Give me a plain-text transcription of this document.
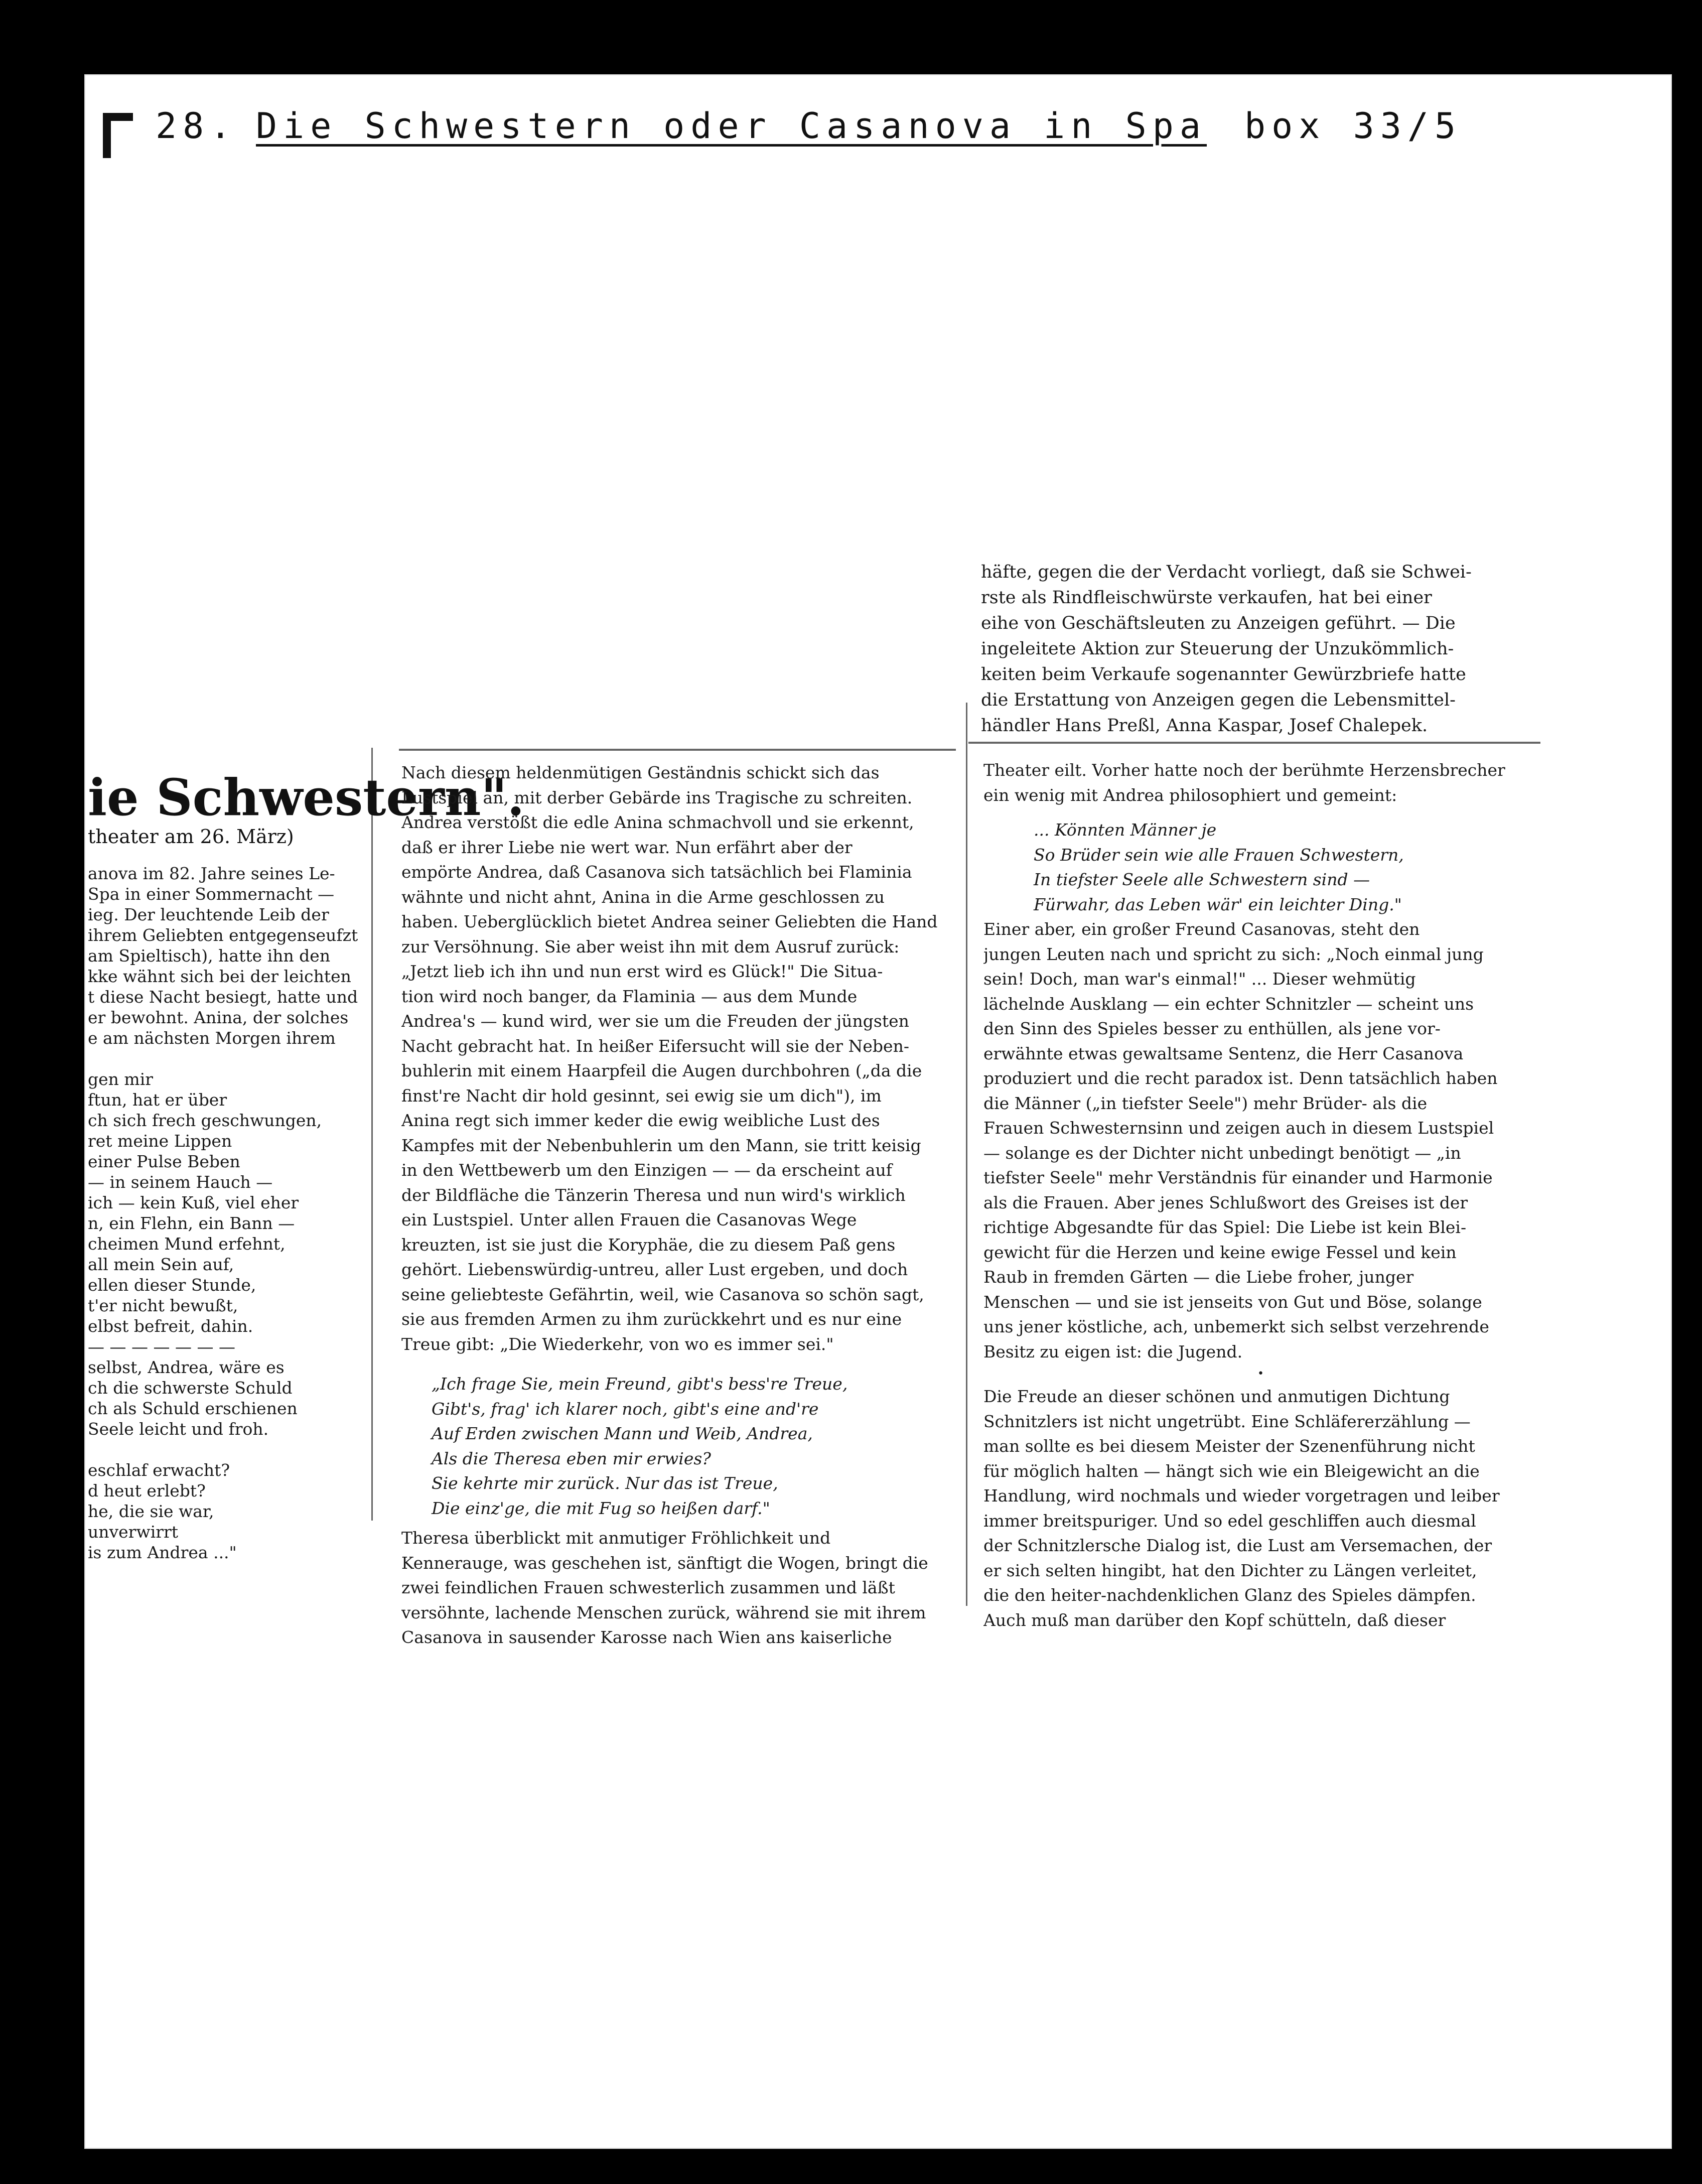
28. Die Schwestern oder Casanova in Spa box 33/5
häfte, gegen die der Verdacht vorliegt, daß sie Schwei-
rste als Rindfleischwürste verkaufen, hat bei einer
eihe von Geschäftsleuten zu Anzeigen geführt. — Die
ingeleitete Aktion zur Steuerung der Unzukömmlich-
keiten beim Verkaufe sogenannter Gewürzbriefe hatte
die Erstattung von Anzeigen gegen die Lebensmittel-
händler Hans Preßl, Anna Kaspar, Josef Chalepek.
ie Schwestern".
theater am 26. März)
anova im 82. Jahre seines Le-
Spa in einer Sommernacht —
ieg. Der leuchtende Leib der
ihrem Geliebten entgegenseufzt
am Spieltisch), hatte ihn den
kke wähnt sich bei der leichten
t diese Nacht besiegt, hatte und
er bewohnt. Anina, der solches
e am nächsten Morgen ihrem

gen mir
ftun, hat er über
ch sich frech geschwungen,
ret meine Lippen
einer Pulse Beben
— in seinem Hauch —
ich — kein Kuß, viel eher
n, ein Flehn, ein Bann —
cheimen Mund erfehnt,
all mein Sein auf,
ellen dieser Stunde,
t'er nicht bewußt,
elbst befreit, dahin.
— — — — — — —
selbst, Andrea, wäre es
ch die schwerste Schuld
ch als Schuld erschienen
Seele leicht und froh.

eschlaf erwacht?
d heut erlebt?
he, die sie war,
unverwirrt
is zum Andrea ..."
Nach diesem heldenmütigen Geständnis schickt sich das
Lustspiel an, mit derber Gebärde ins Tragische zu schreiten.
Andrea verstößt die edle Anina schmachvoll und sie erkennt,
daß er ihrer Liebe nie wert war. Nun erfährt aber der
empörte Andrea, daß Casanova sich tatsächlich bei Flaminia
wähnte und nicht ahnt, Anina in die Arme geschlossen zu
haben. Ueberglücklich bietet Andrea seiner Geliebten die Hand
zur Versöhnung. Sie aber weist ihn mit dem Ausruf zurück:
„Jetzt lieb ich ihn und nun erst wird es Glück!" Die Situa-
tion wird noch banger, da Flaminia — aus dem Munde
Andrea's — kund wird, wer sie um die Freuden der jüngsten
Nacht gebracht hat. In heißer Eifersucht will sie der Neben-
buhlerin mit einem Haarpfeil die Augen durchbohren („da die
finst're Nacht dir hold gesinnt, sei ewig sie um dich"), im
Anina regt sich immer keder die ewig weibliche Lust des
Kampfes mit der Nebenbuhlerin um den Mann, sie tritt keisig
in den Wettbewerb um den Einzigen — — da erscheint auf
der Bildfläche die Tänzerin Theresa und nun wird's wirklich
ein Lustspiel. Unter allen Frauen die Casanovas Wege
kreuzten, ist sie just die Koryphäe, die zu diesem Paß gens
gehört. Liebenswürdig-untreu, aller Lust ergeben, und doch
seine geliebteste Gefährtin, weil, wie Casanova so schön sagt,
sie aus fremden Armen zu ihm zurückkehrt und es nur eine
Treue gibt: „Die Wiederkehr, von wo es immer sei."
„Ich frage Sie, mein Freund, gibt's bess're Treue,
Gibt's, frag' ich klarer noch, gibt's eine and're
Auf Erden zwischen Mann und Weib, Andrea,
Als die Theresa eben mir erwies?
Sie kehrte mir zurück. Nur das ist Treue,
Die einz'ge, die mit Fug so heißen darf."
Theresa überblickt mit anmutiger Fröhlichkeit und
Kennerauge, was geschehen ist, sänftigt die Wogen, bringt die
zwei feindlichen Frauen schwesterlich zusammen und läßt
versöhnte, lachende Menschen zurück, während sie mit ihrem
Casanova in sausender Karosse nach Wien ans kaiserliche
Theater eilt. Vorher hatte noch der berühmte Herzensbrecher
ein wenig mit Andrea philosophiert und gemeint:
... Könnten Männer je
So Brüder sein wie alle Frauen Schwestern,
In tiefster Seele alle Schwestern sind —
Fürwahr, das Leben wär' ein leichter Ding."
Einer aber, ein großer Freund Casanovas, steht den
jungen Leuten nach und spricht zu sich: „Noch einmal jung
sein! Doch, man war's einmal!" ... Dieser wehmütig
lächelnde Ausklang — ein echter Schnitzler — scheint uns
den Sinn des Spieles besser zu enthüllen, als jene vor-
erwähnte etwas gewaltsame Sentenz, die Herr Casanova
produziert und die recht paradox ist. Denn tatsächlich haben
die Männer („in tiefster Seele") mehr Brüder- als die
Frauen Schwesternsinn und zeigen auch in diesem Lustspiel
— solange es der Dichter nicht unbedingt benötigt — „in
tiefster Seele" mehr Verständnis für einander und Harmonie
als die Frauen. Aber jenes Schlußwort des Greises ist der
richtige Abgesandte für das Spiel: Die Liebe ist kein Blei-
gewicht für die Herzen und keine ewige Fessel und kein
Raub in fremden Gärten — die Liebe froher, junger
Menschen — und sie ist jenseits von Gut und Böse, solange
uns jener köstliche, ach, unbemerkt sich selbst verzehrende
Besitz zu eigen ist: die Jugend.
•
Die Freude an dieser schönen und anmutigen Dichtung
Schnitzlers ist nicht ungetrübt. Eine Schläfererzählung —
man sollte es bei diesem Meister der Szenenführung nicht
für möglich halten — hängt sich wie ein Bleigewicht an die
Handlung, wird nochmals und wieder vorgetragen und leiber
immer breitspuriger. Und so edel geschliffen auch diesmal
der Schnitzlersche Dialog ist, die Lust am Versemachen, der
er sich selten hingibt, hat den Dichter zu Längen verleitet,
die den heiter-nachdenklichen Glanz des Spieles dämpfen.
Auch muß man darüber den Kopf schütteln, daß dieser
